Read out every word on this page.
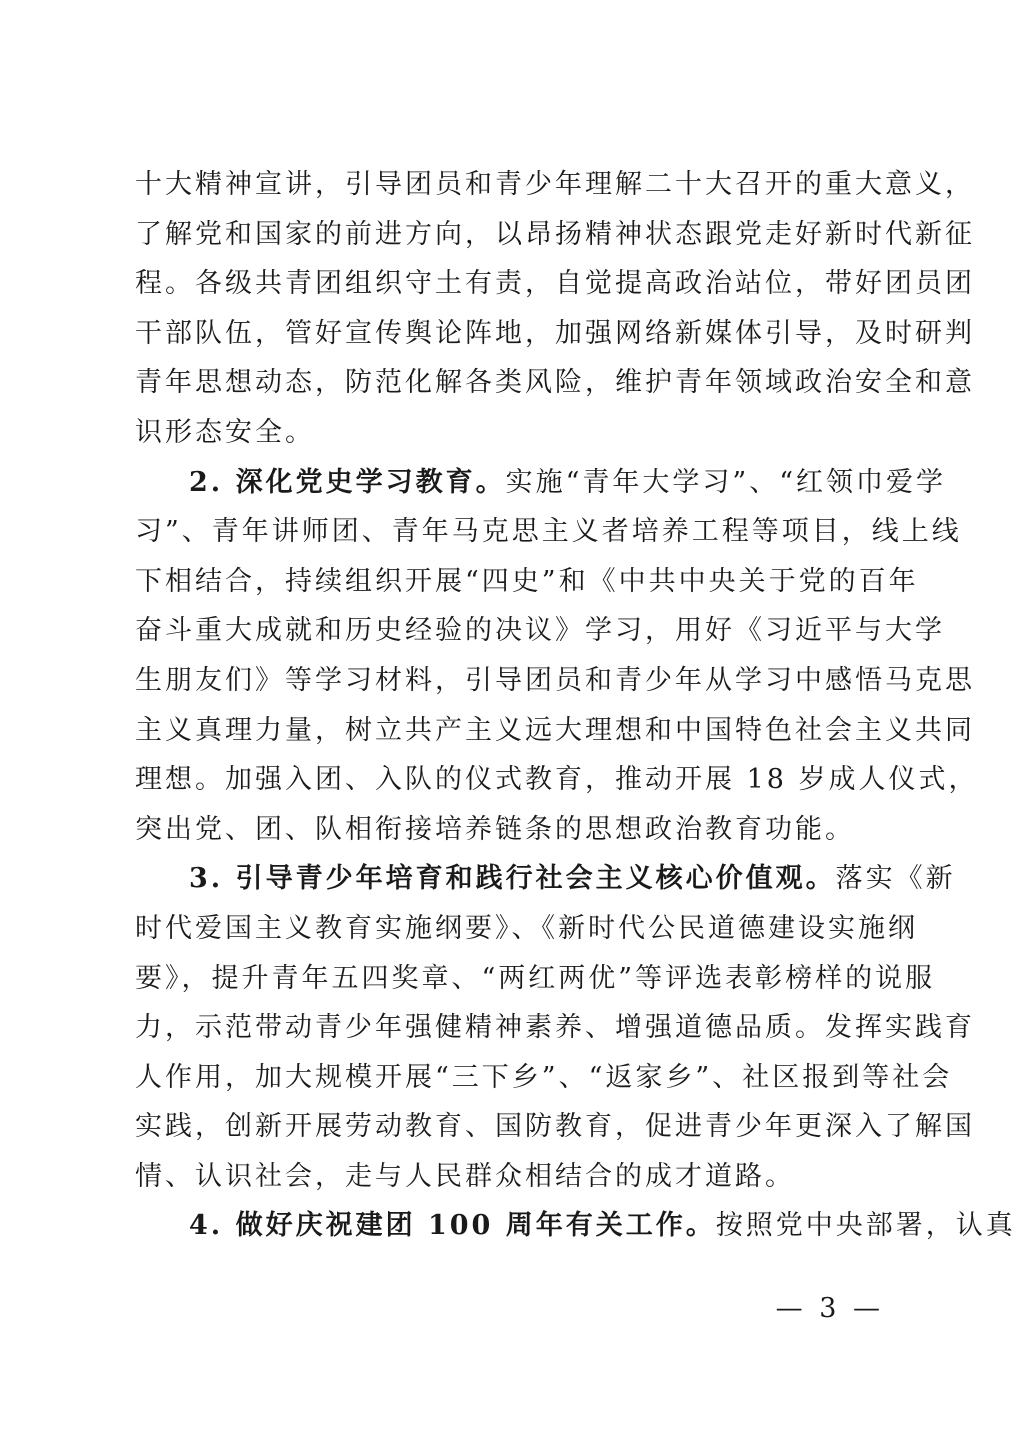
十大精神宣讲，引导团员和青少年理解二十大召开的重大意义，
了解党和国家的前进方向，以昂扬精神状态跟党走好新时代新征
程。各级共青团组织守土有责，自觉提高政治站位，带好团员团
干部队伍，管好宣传舆论阵地，加强网络新媒体引导，及时研判
青年思想动态，防范化解各类风险，维护青年领域政治安全和意
识形态安全。
2. 深化党史学习教育。实施“青年大学习”、“红领巾爱学
习”、青年讲师团、青年马克思主义者培养工程等项目，线上线
下相结合，持续组织开展“四史”和《中共中央关于党的百年
奋斗重大成就和历史经验的决议》学习，用好《习近平与大学
生朋友们》等学习材料，引导团员和青少年从学习中感悟马克思
主义真理力量，树立共产主义远大理想和中国特色社会主义共同
理想。加强入团、入队的仪式教育，推动开展 18 岁成人仪式，
突出党、团、队相衔接培养链条的思想政治教育功能。
3. 引导青少年培育和践行社会主义核心价值观。落实《新
时代爱国主义教育实施纲要》、《新时代公民道德建设实施纲
要》，提升青年五四奖章、“两红两优”等评选表彰榜样的说服
力，示范带动青少年强健精神素养、增强道德品质。发挥实践育
人作用，加大规模开展“三下乡”、“返家乡”、社区报到等社会
实践，创新开展劳动教育、国防教育，促进青少年更深入了解国
情、认识社会，走与人民群众相结合的成才道路。
4. 做好庆祝建团 100 周年有关工作。按照党中央部署，认真
— 3 —
